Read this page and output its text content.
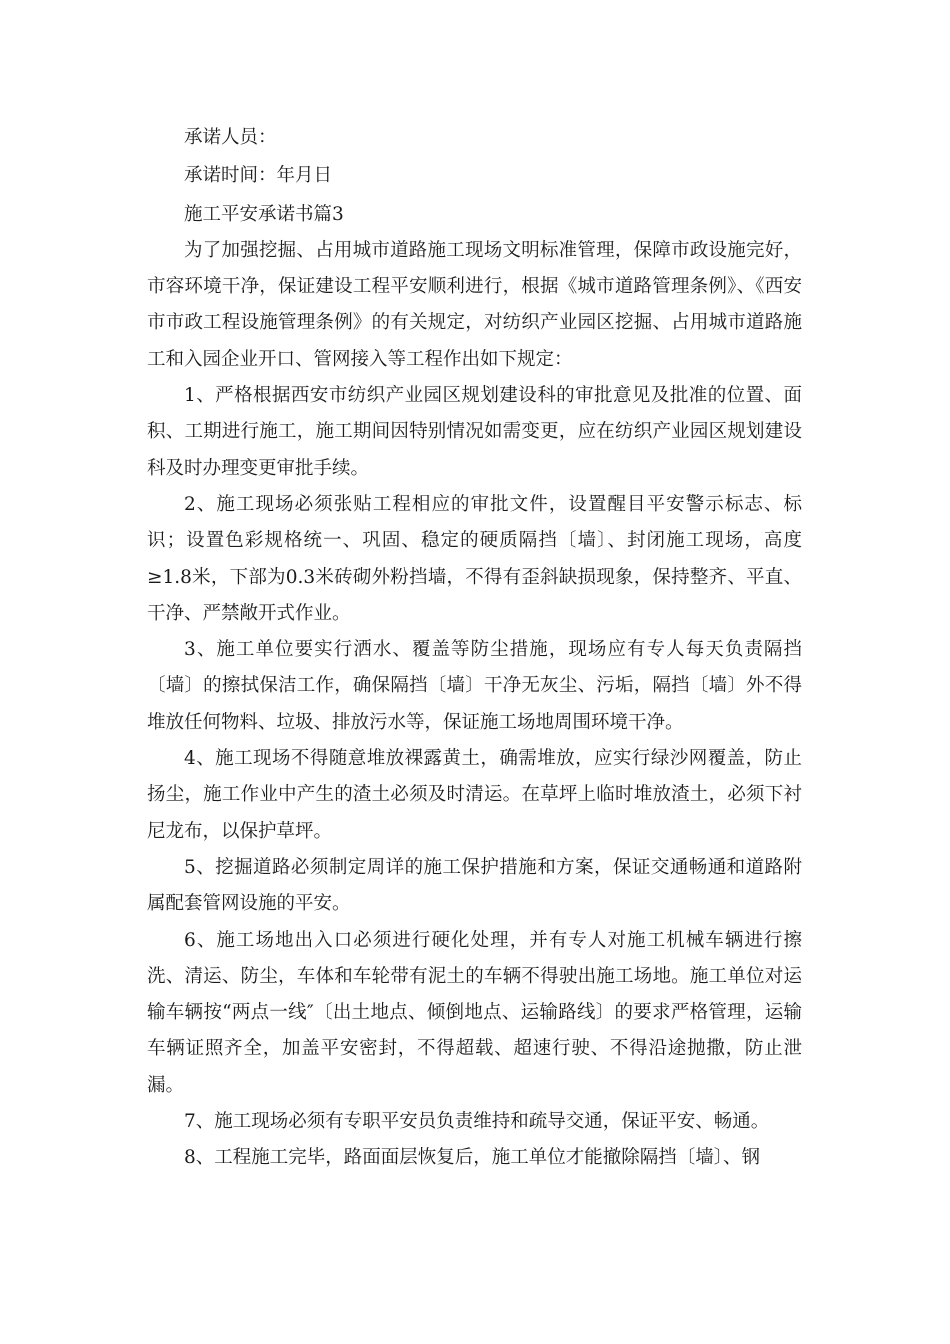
承诺人员：

承诺时间：年月日

施工平安承诺书篇3

为了加强挖掘、占用城市道路施工现场文明标准管理，保障市政设施完好，市容环境干净，保证建设工程平安顺利进行，根据《城市道路管理条例》、《西安市市政工程设施管理条例》的有关规定，对纺织产业园区挖掘、占用城市道路施工和入园企业开口、管网接入等工程作出如下规定：

1、严格根据西安市纺织产业园区规划建设科的审批意见及批准的位置、面积、工期进行施工，施工期间因特别情况如需变更，应在纺织产业园区规划建设科及时办理变更审批手续。

2、施工现场必须张贴工程相应的审批文件，设置醒目平安警示标志、标识；设置色彩规格统一、巩固、稳定的硬质隔挡〔墙〕、封闭施工现场，高度≥1.8米，下部为0.3米砖砌外粉挡墙，不得有歪斜缺损现象，保持整齐、平直、干净、严禁敞开式作业。

3、施工单位要实行洒水、覆盖等防尘措施，现场应有专人每天负责隔挡〔墙〕的擦拭保洁工作，确保隔挡〔墙〕干净无灰尘、污垢，隔挡〔墙〕外不得堆放任何物料、垃圾、排放污水等，保证施工场地周围环境干净。

4、施工现场不得随意堆放裸露黄土，确需堆放，应实行绿沙网覆盖，防止扬尘，施工作业中产生的渣土必须及时清运。在草坪上临时堆放渣土，必须下衬尼龙布，以保护草坪。

5、挖掘道路必须制定周详的施工保护措施和方案，保证交通畅通和道路附属配套管网设施的平安。

6、施工场地出入口必须进行硬化处理，并有专人对施工机械车辆进行擦洗、清运、防尘，车体和车轮带有泥土的车辆不得驶出施工场地。施工单位对运输车辆按“两点一线″〔出土地点、倾倒地点、运输路线〕的要求严格管理，运输车辆证照齐全，加盖平安密封，不得超载、超速行驶、不得沿途抛撒，防止泄漏。

7、施工现场必须有专职平安员负责维持和疏导交通，保证平安、畅通。

8、工程施工完毕，路面面层恢复后，施工单位才能撤除隔挡〔墙〕、钢
